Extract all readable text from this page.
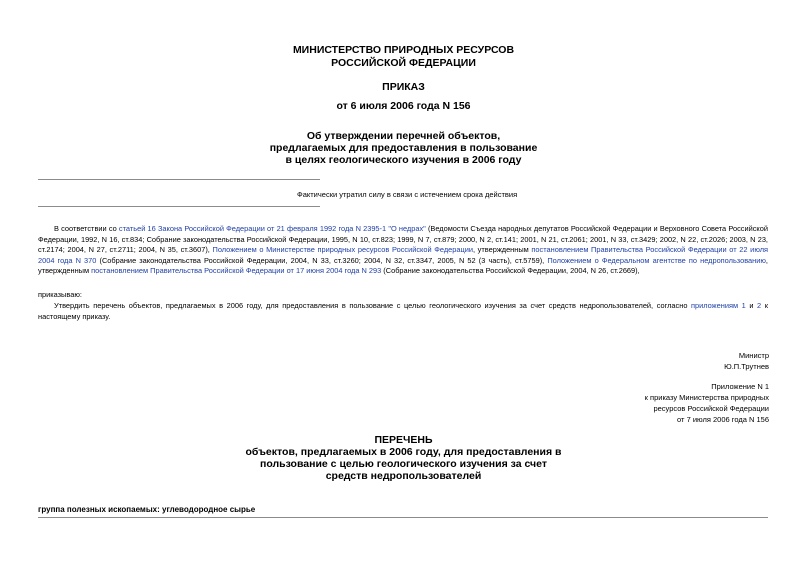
МИНИСТЕРСТВО ПРИРОДНЫХ РЕСУРСОВ
РОССИЙСКОЙ ФЕДЕРАЦИИ
ПРИКАЗ
от 6 июля 2006 года N 156
Об утверждении перечней объектов,
предлагаемых для предоставления в пользование
в целях геологического изучения в 2006 году
Фактически утратил силу в связи с истечением срока действия
В соответствии со статьей 16 Закона Российской Федерации от 21 февраля 1992 года N 2395-1 "О недрах" (Ведомости Съезда народных депутатов Российской Федерации и Верховного Совета Российской Федерации, 1992, N 16, ст.834; Собрание законодательства Российской Федерации, 1995, N 10, ст.823; 1999, N 7, ст.879; 2000, N 2, ст.141; 2001, N 21, ст.2061; 2001, N 33, ст.3429; 2002, N 22, ст.2026; 2003, N 23, ст.2174; 2004, N 27, ст.2711; 2004, N 35, ст.3607), Положением о Министерстве природных ресурсов Российской Федерации, утвержденным постановлением Правительства Российской Федерации от 22 июля 2004 года N 370 (Собрание законодательства Российской Федерации, 2004, N 33, ст.3260; 2004, N 32, ст.3347, 2005, N 52 (3 часть), ст.5759), Положением о Федеральном агентстве по недропользованию, утвержденным постановлением Правительства Российской Федерации от 17 июня 2004 года N 293 (Собрание законодательства Российской Федерации, 2004, N 26, ст.2669),
приказываю:
Утвердить перечень объектов, предлагаемых в 2006 году, для предоставления в пользование с целью геологического изучения за счет средств недропользователей, согласно приложениям 1 и 2 к настоящему приказу.
Министр
Ю.П.Трутнев
Приложение N 1
к приказу Министерства природных
ресурсов Российской Федерации
от 7 июля 2006 года N 156
ПЕРЕЧЕНЬ
объектов, предлагаемых в 2006 году, для предоставления в
пользование с целью геологического изучения за счет
средств недропользователей
группа полезных ископаемых: углеводородное сырье
